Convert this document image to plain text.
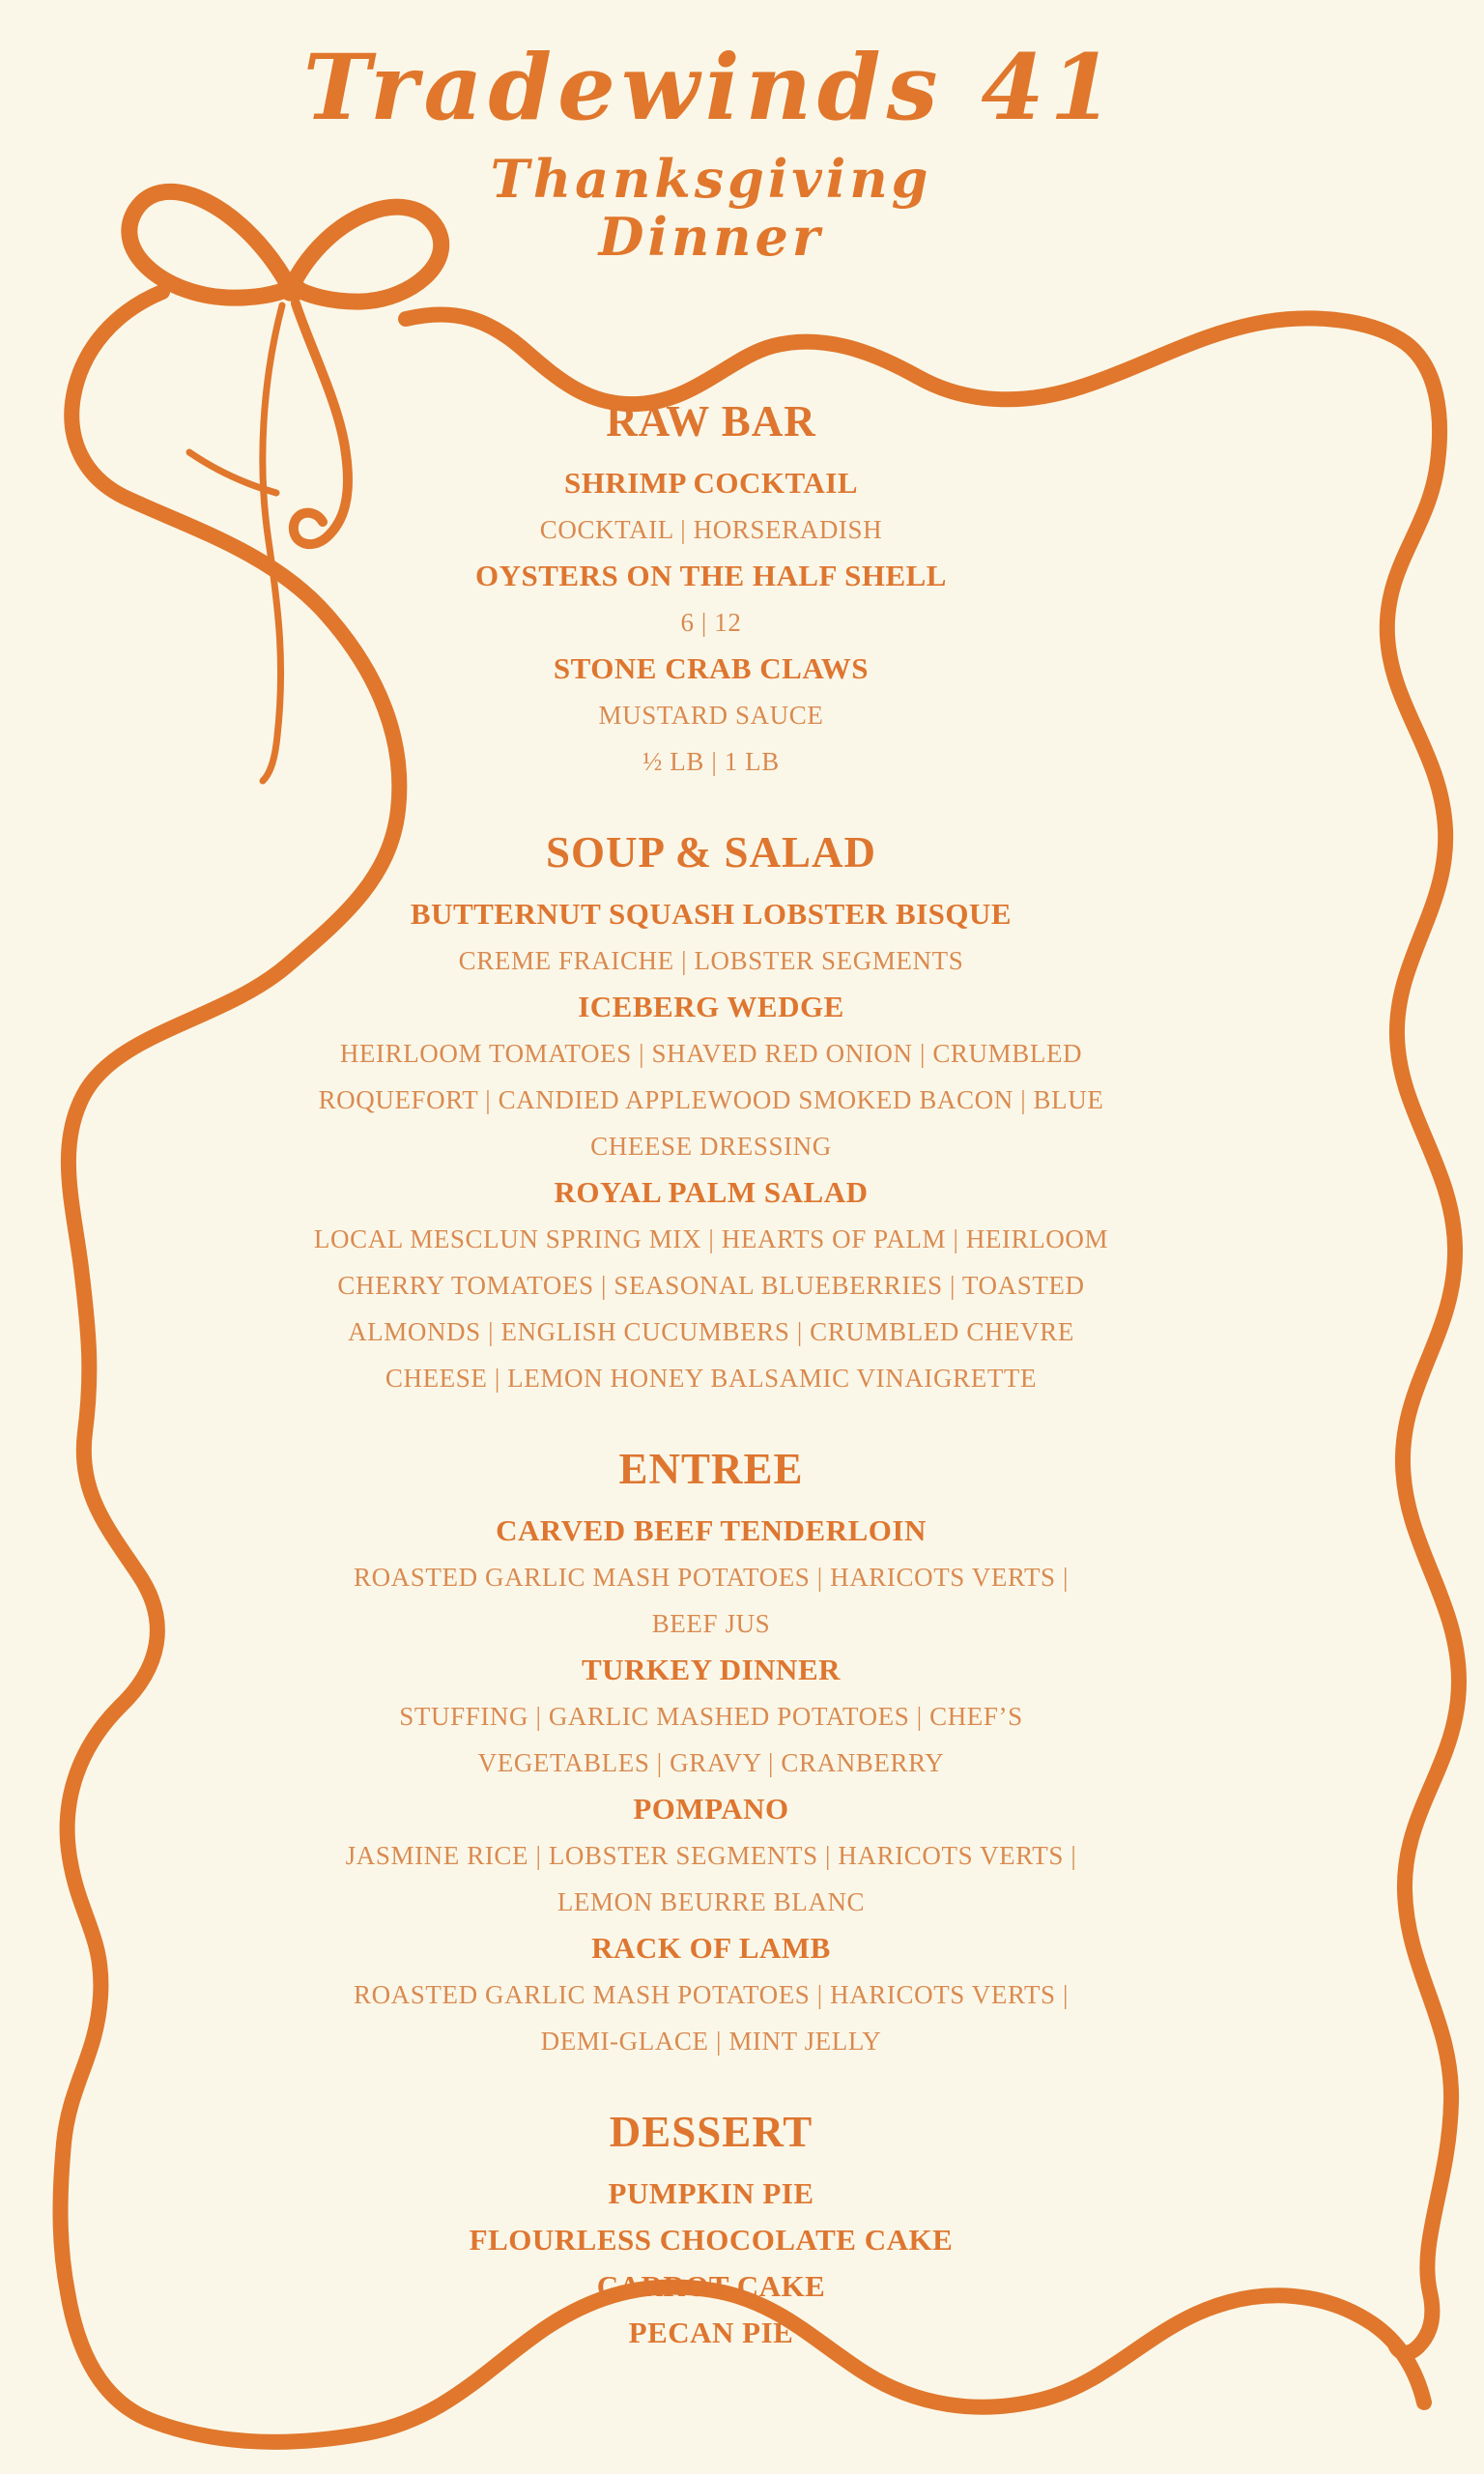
Tradewinds 41
Thanksgiving
Dinner
RAW BAR
SHRIMP COCKTAIL
COCKTAIL | HORSERADISH
OYSTERS ON THE HALF SHELL
6 | 12
STONE CRAB CLAWS
MUSTARD SAUCE
½ LB | 1 LB
SOUP & SALAD
BUTTERNUT SQUASH LOBSTER BISQUE
CREME FRAICHE | LOBSTER SEGMENTS
ICEBERG WEDGE
HEIRLOOM TOMATOES | SHAVED RED ONION | CRUMBLED
ROQUEFORT | CANDIED APPLEWOOD SMOKED BACON | BLUE
CHEESE DRESSING
ROYAL PALM SALAD
LOCAL MESCLUN SPRING MIX | HEARTS OF PALM | HEIRLOOM
CHERRY TOMATOES | SEASONAL BLUEBERRIES | TOASTED
ALMONDS | ENGLISH CUCUMBERS | CRUMBLED CHEVRE
CHEESE | LEMON HONEY BALSAMIC VINAIGRETTE
ENTREE
CARVED BEEF TENDERLOIN
ROASTED GARLIC MASH POTATOES | HARICOTS VERTS |
BEEF JUS
TURKEY DINNER
STUFFING | GARLIC MASHED POTATOES | CHEF’S
VEGETABLES | GRAVY | CRANBERRY
POMPANO
JASMINE RICE | LOBSTER SEGMENTS | HARICOTS VERTS |
LEMON BEURRE BLANC
RACK OF LAMB
ROASTED GARLIC MASH POTATOES | HARICOTS VERTS |
DEMI-GLACE | MINT JELLY
DESSERT
PUMPKIN PIE
FLOURLESS CHOCOLATE CAKE
CARROT CAKE
PECAN PIE
